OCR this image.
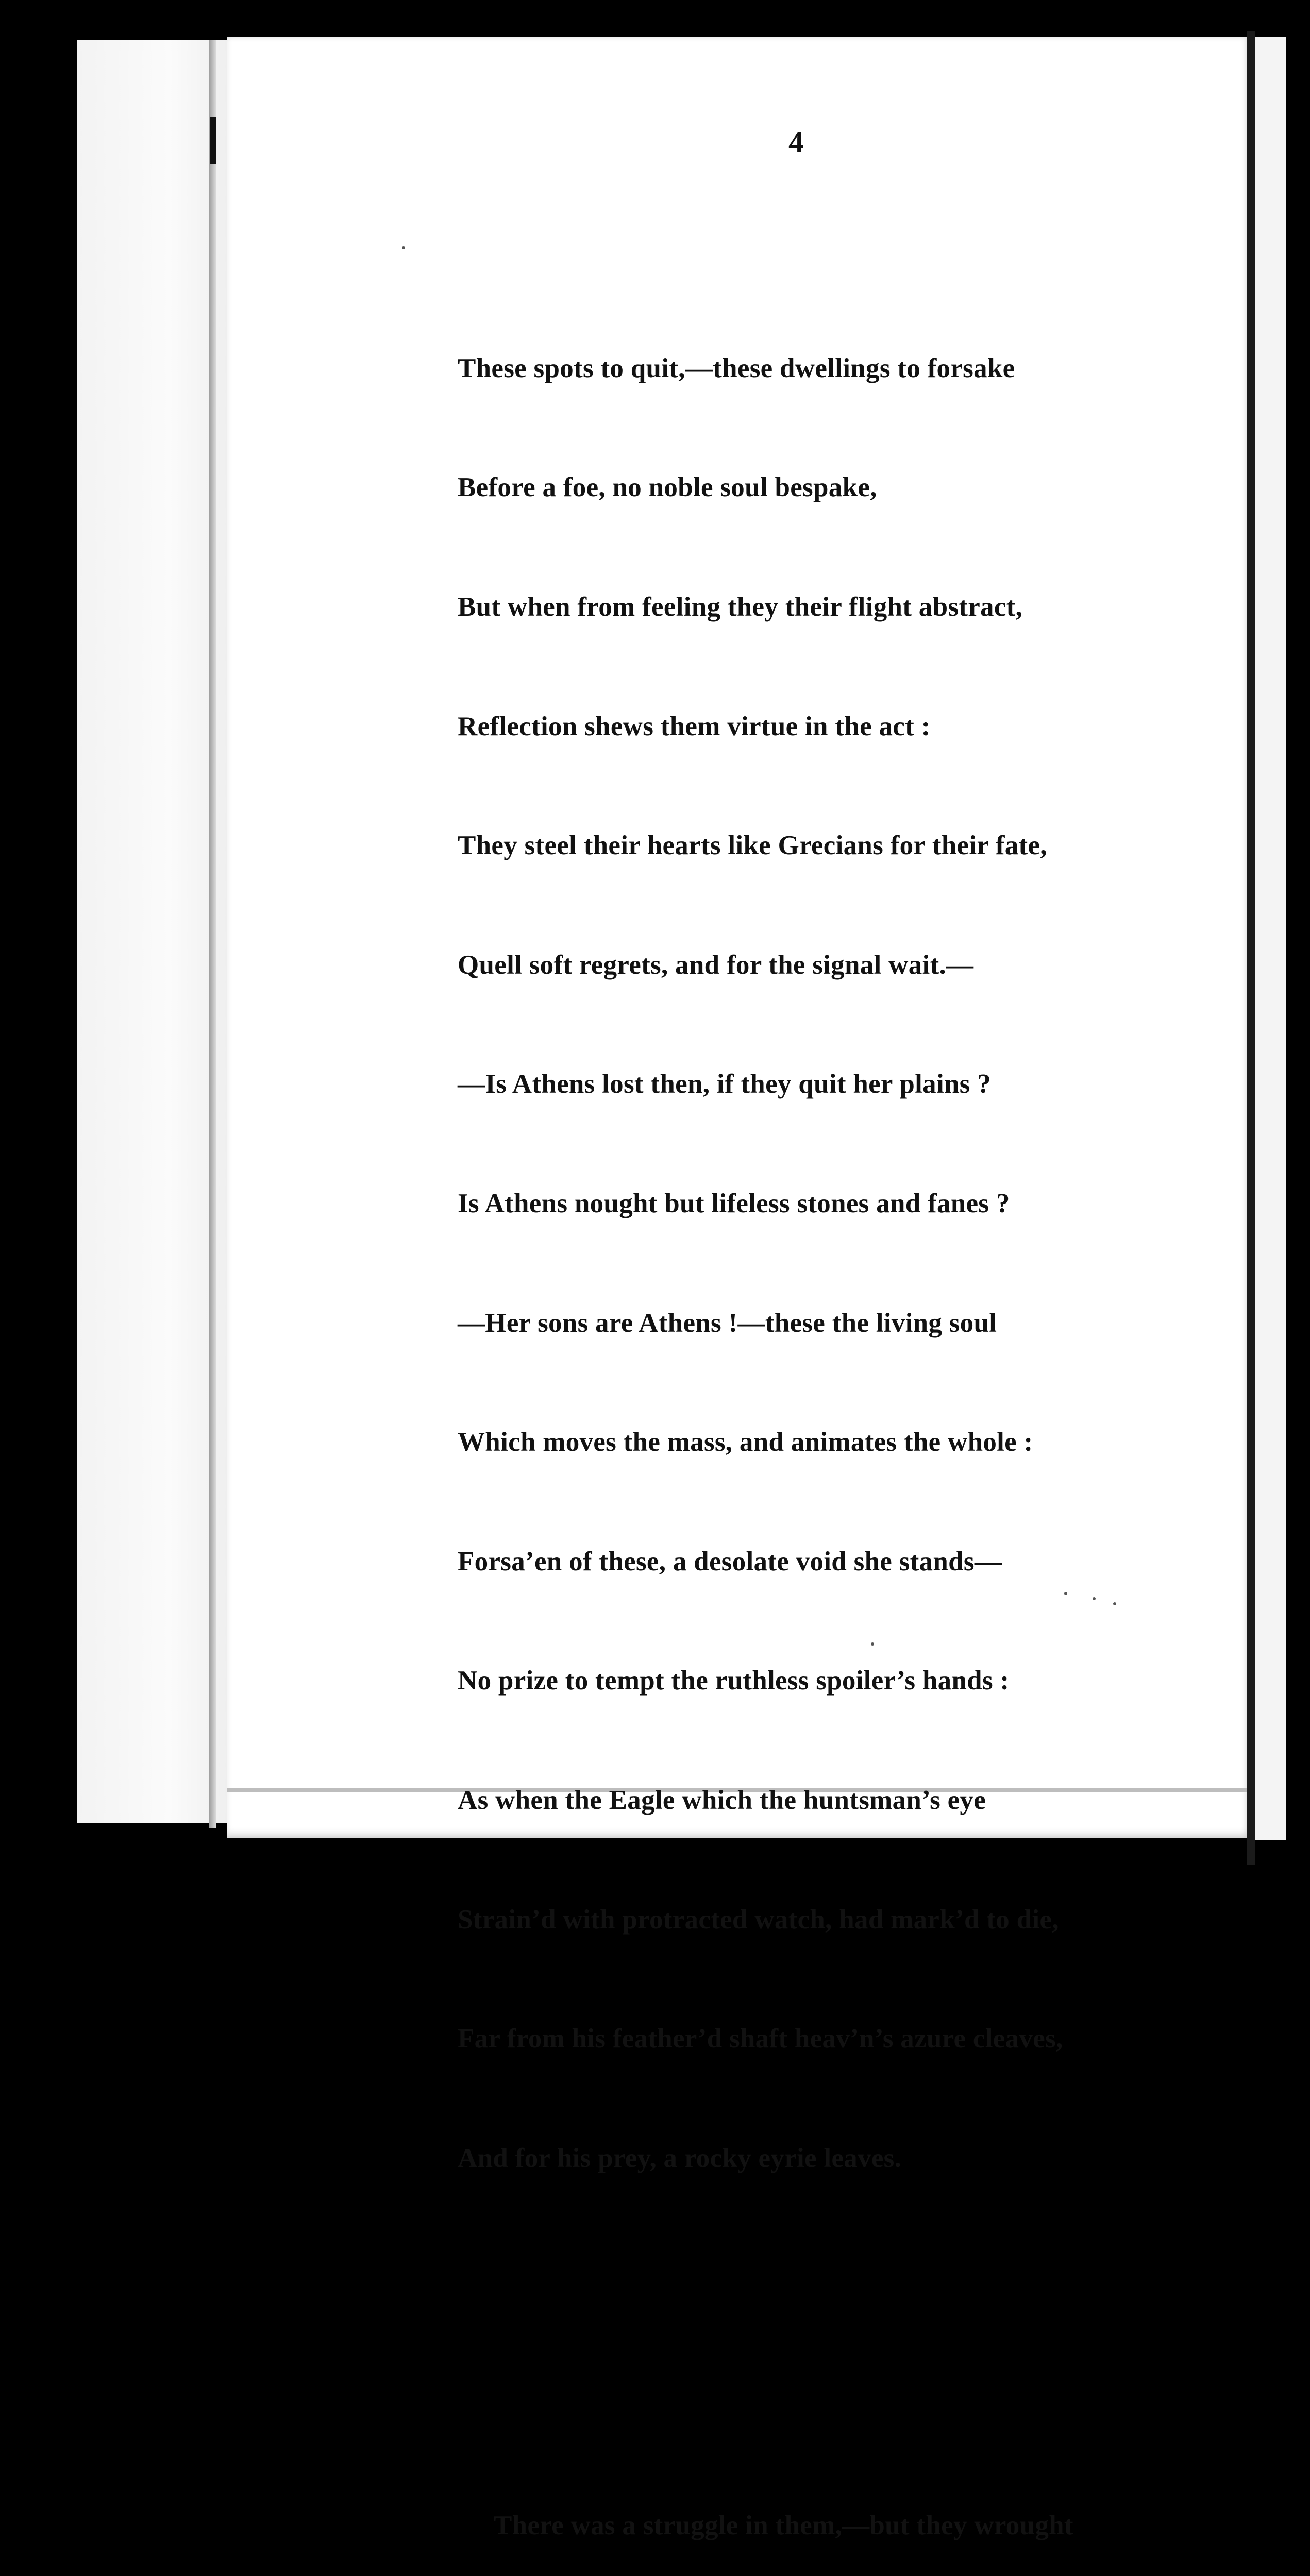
4

These spots to quit,—these dwellings to forsake

Before a foe, no noble soul bespake,

But when from feeling they their flight abstract,

Reflection shews them virtue in the act :

They steel their hearts like Grecians for their fate,

Quell soft regrets, and for the signal wait.—

—Is Athens lost then, if they quit her plains ?

Is Athens nought but lifeless stones and fanes ?

—Her sons are Athens !—these the living soul

Which moves the mass, and animates the whole :

Forsa’en of these, a desolate void she stands—

No prize to tempt the ruthless spoiler’s hands :

As when the Eagle which the huntsman’s eye

Strain’d with protracted watch, had mark’d to die,

Far from his feather’d shaft heav’n’s azure cleaves,

And for his prey, a rocky eyrie leaves.

There was a struggle in them,—but they wrought
